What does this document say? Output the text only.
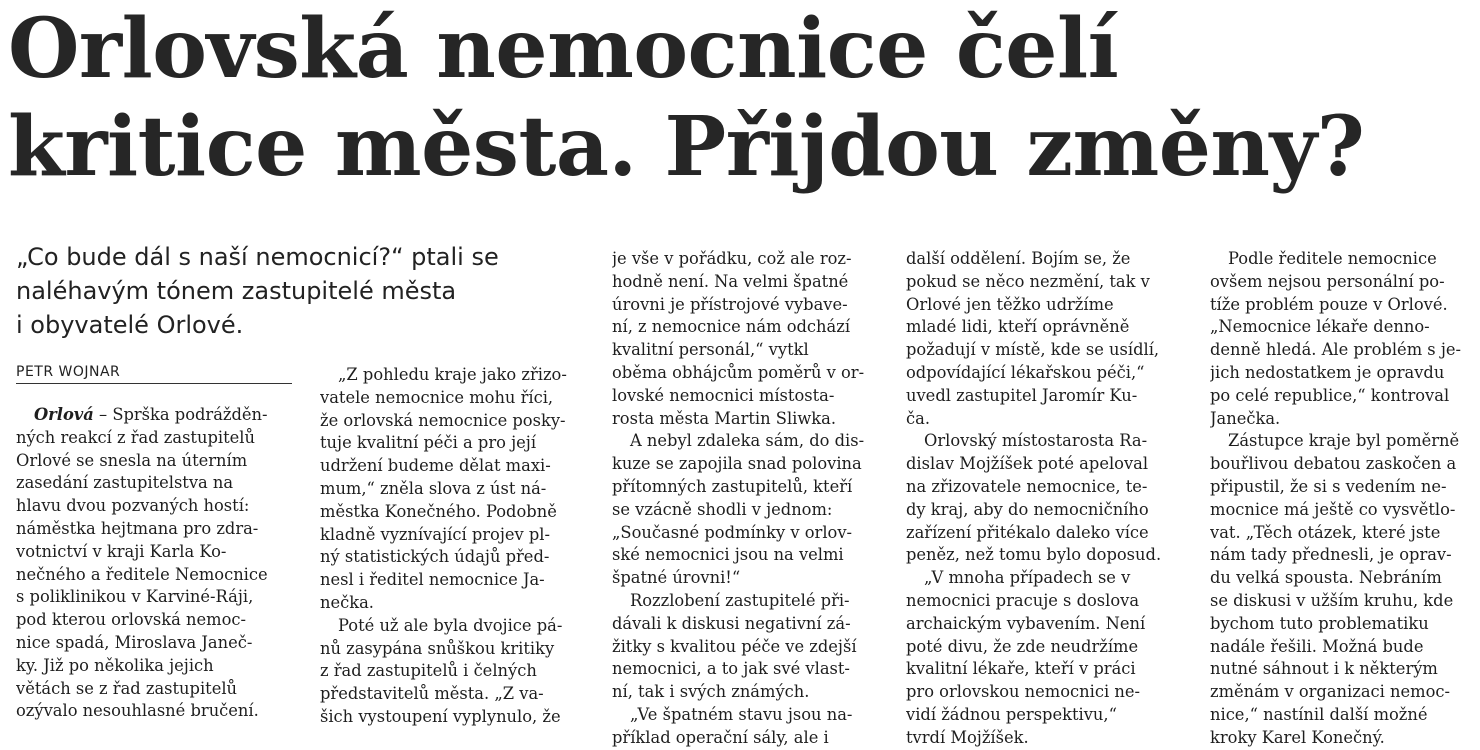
Orlovská nemocnice čelí
kritice města. Přijdou změny?
„Co bude dál s naší nemocnicí?“ ptali se
naléhavým tónem zastupitelé města
i obyvatelé Orlové.
PETR WOJNAR
Orlová – Sprška podrážděn-
ných reakcí z řad zastupitelů
Orlové se snesla na úterním
zasedání zastupitelstva na
hlavu dvou pozvaných hostí:
náměstka hejtmana pro zdra-
votnictví v kraji Karla Ko-
nečného a ředitele Nemocnice
s poliklinikou v Karviné-Ráji,
pod kterou orlovská nemoc-
nice spadá, Miroslava Janeč-
ky. Již po několika jejich
větách se z řad zastupitelů
ozývalo nesouhlasné bručení.
„Z pohledu kraje jako zřizo-
vatele nemocnice mohu říci,
že orlovská nemocnice posky-
tuje kvalitní péči a pro její
udržení budeme dělat maxi-
mum,“ zněla slova z úst ná-
městka Konečného. Podobně
kladně vyznívající projev pl-
ný statistických údajů před-
nesl i ředitel nemocnice Ja-
nečka.
Poté už ale byla dvojice pá-
nů zasypána snůškou kritiky
z řad zastupitelů i čelných
představitelů města. „Z va-
šich vystoupení vyplynulo, že
je vše v pořádku, což ale roz-
hodně není. Na velmi špatné
úrovni je přístrojové vybave-
ní, z nemocnice nám odchází
kvalitní personál,“ vytkl
oběma obhájcům poměrů v or-
lovské nemocnici místosta-
rosta města Martin Sliwka.
A nebyl zdaleka sám, do dis-
kuze se zapojila snad polovina
přítomných zastupitelů, kteří
se vzácně shodli v jednom:
„Současné podmínky v orlov-
ské nemocnici jsou na velmi
špatné úrovni!“
Rozzlobení zastupitelé při-
dávali k diskusi negativní zá-
žitky s kvalitou péče ve zdejší
nemocnici, a to jak své vlast-
ní, tak i svých známých.
„Ve špatném stavu jsou na-
příklad operační sály, ale i
další oddělení. Bojím se, že
pokud se něco nezmění, tak v
Orlové jen těžko udržíme
mladé lidi, kteří oprávněně
požadují v místě, kde se usídlí,
odpovídající lékařskou péči,“
uvedl zastupitel Jaromír Ku-
ča.
Orlovský místostarosta Ra-
dislav Mojžíšek poté apeloval
na zřizovatele nemocnice, te-
dy kraj, aby do nemocničního
zařízení přitékalo daleko více
peněz, než tomu bylo doposud.
„V mnoha případech se v
nemocnici pracuje s doslova
archaickým vybavením. Není
poté divu, že zde neudržíme
kvalitní lékaře, kteří v práci
pro orlovskou nemocnici ne-
vidí žádnou perspektivu,“
tvrdí Mojžíšek.
Podle ředitele nemocnice
ovšem nejsou personální po-
tíže problém pouze v Orlové.
„Nemocnice lékaře denno-
denně hledá. Ale problém s je-
jich nedostatkem je opravdu
po celé republice,“ kontroval
Janečka.
Zástupce kraje byl poměrně
bouřlivou debatou zaskočen a
připustil, že si s vedením ne-
mocnice má ještě co vysvětlo-
vat. „Těch otázek, které jste
nám tady přednesli, je oprav-
du velká spousta. Nebráním
se diskusi v užším kruhu, kde
bychom tuto problematiku
nadále řešili. Možná bude
nutné sáhnout i k některým
změnám v organizaci nemoc-
nice,“ nastínil další možné
kroky Karel Konečný.
